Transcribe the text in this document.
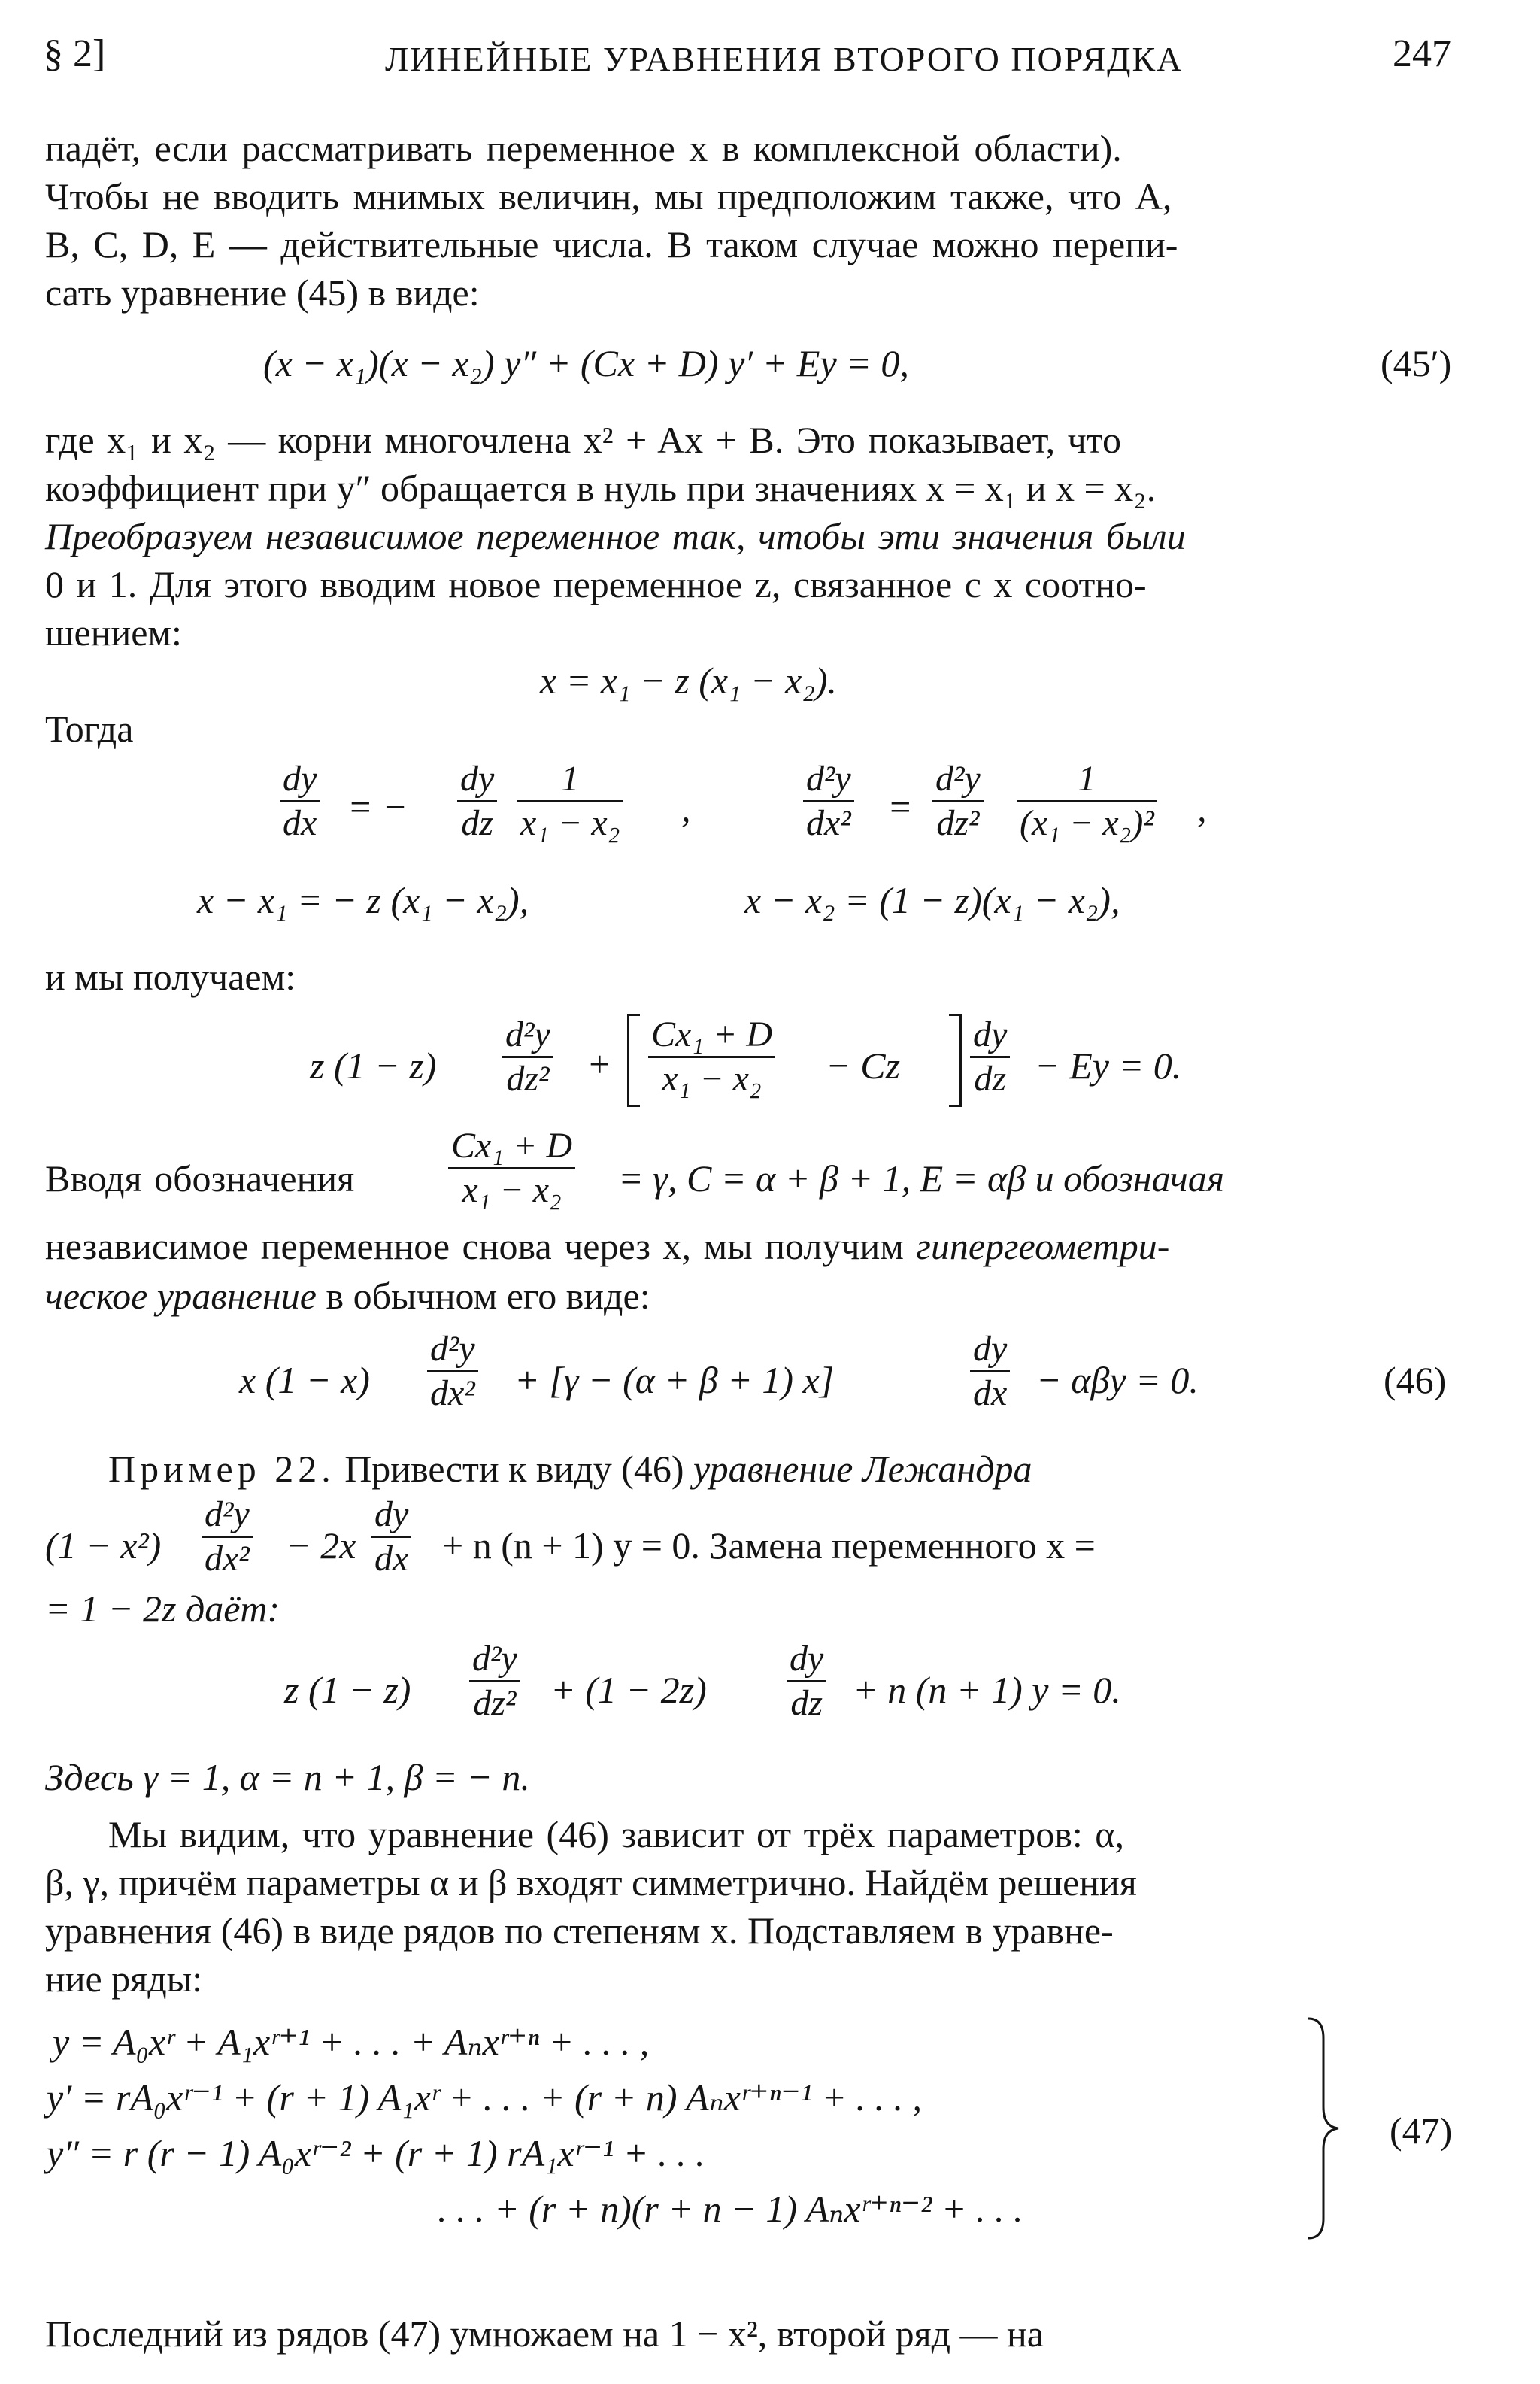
§ 2]	ЛИНЕЙНЫЕ УРАВНЕНИЯ ВТОРОГО ПОРЯДКА	247
падёт, если рассматривать переменное x в комплексной области).
Чтобы не вводить мнимых величин, мы предположим также, что A,
B, C, D, E — действительные числа. В таком случае можно перепи-
сать уравнение (45) в виде:
(x − x₁)(x − x₂) y″ + (Cx + D) y′ + Ey = 0,	(45′)
где x₁ и x₂ — корни многочлена x² + Ax + B. Это показывает, что
коэффициент при y″ обращается в нуль при значениях x = x₁ и x = x₂.
Преобразуем независимое переменное так, чтобы эти значения были
0 и 1. Для этого вводим новое переменное z, связанное с x соотно-
шением:
x = x₁ − z (x₁ − x₂).
Тогда
$\frac{dy}{dx}$ = − $\frac{dy}{dz} \frac{1}{\text{x₁ − x₂}}$ ,	$\frac{\text{d²y}}{\text{dx²}} = \frac{\text{d²y}}{\text{dz²}} \frac{1}{\text{(x₁ − x₂)²}}$ ,
x − x₁ = − z (x₁ − x₂),	x − x₂ = (1 − z)(x₁ − x₂),
и мы получаем:
z $(1 - z) \frac{\text{d²y}}{\text{dz²}} + \frac{\text{Cx₁ + D}}{\text{x₁ − x₂}} - Cz \frac{dy}{dz} - Ey = 0$.
Вводя обозначения	$\frac{\text{Cx₁ + D}}{\text{x₁ − x₂}} = \gamma$, C = α + β + 1, E = αβ и обозначая
независимое переменное снова через x, мы получим гипергеометри-
ческое уравнение в обычном его виде:
x $(1 - x) \frac{\text{d²y}}{\text{dx²}} + [\gamma - (\alpha + \beta + 1)$ x]	$\frac{dy}{dx} - \alpha\beta y = 0$.	(46)
Пример 22. Привести к виду (46) уравнение Лежандра
$(1 - x^2) \frac{\text{d²y}}{\text{dx²}} - 2x \frac{dy}{dx} + n$ (n + 1) y = 0. Замена переменного x =
= 1 − 2z даёт:
z $(1 - z) \frac{\text{d²y}}{\text{dz²}} + (1 - 2z) \frac{dy}{dz} + n$ (n + 1) y = 0.
Здесь γ = 1, α = n + 1, β = − n.
Мы видим, что уравнение (46) зависит от трёх параметров: α,
β, γ, причём параметры α и β входят симметрично. Найдём решения
уравнения (46) в виде рядов по степеням x. Подставляем в уравне-
ние ряды:
y = A₀xʳ + A₁xʳ⁺¹ + . . . + Aₙxʳ⁺ⁿ + . . . ,
y′ = rA₀xʳ⁻¹ + (r + 1) A₁xʳ + . . . + (r + n) Aₙxʳ⁺ⁿ⁻¹ + . . . ,
y″ = r (r − 1) A₀xʳ⁻² + (r + 1) rA₁xʳ⁻¹ + . . .
. . . + (r + n)(r + n − 1) Aₙxʳ⁺ⁿ⁻² + . . .
(47)
Последний из рядов (47) умножаем на 1 − x², второй ряд — на
